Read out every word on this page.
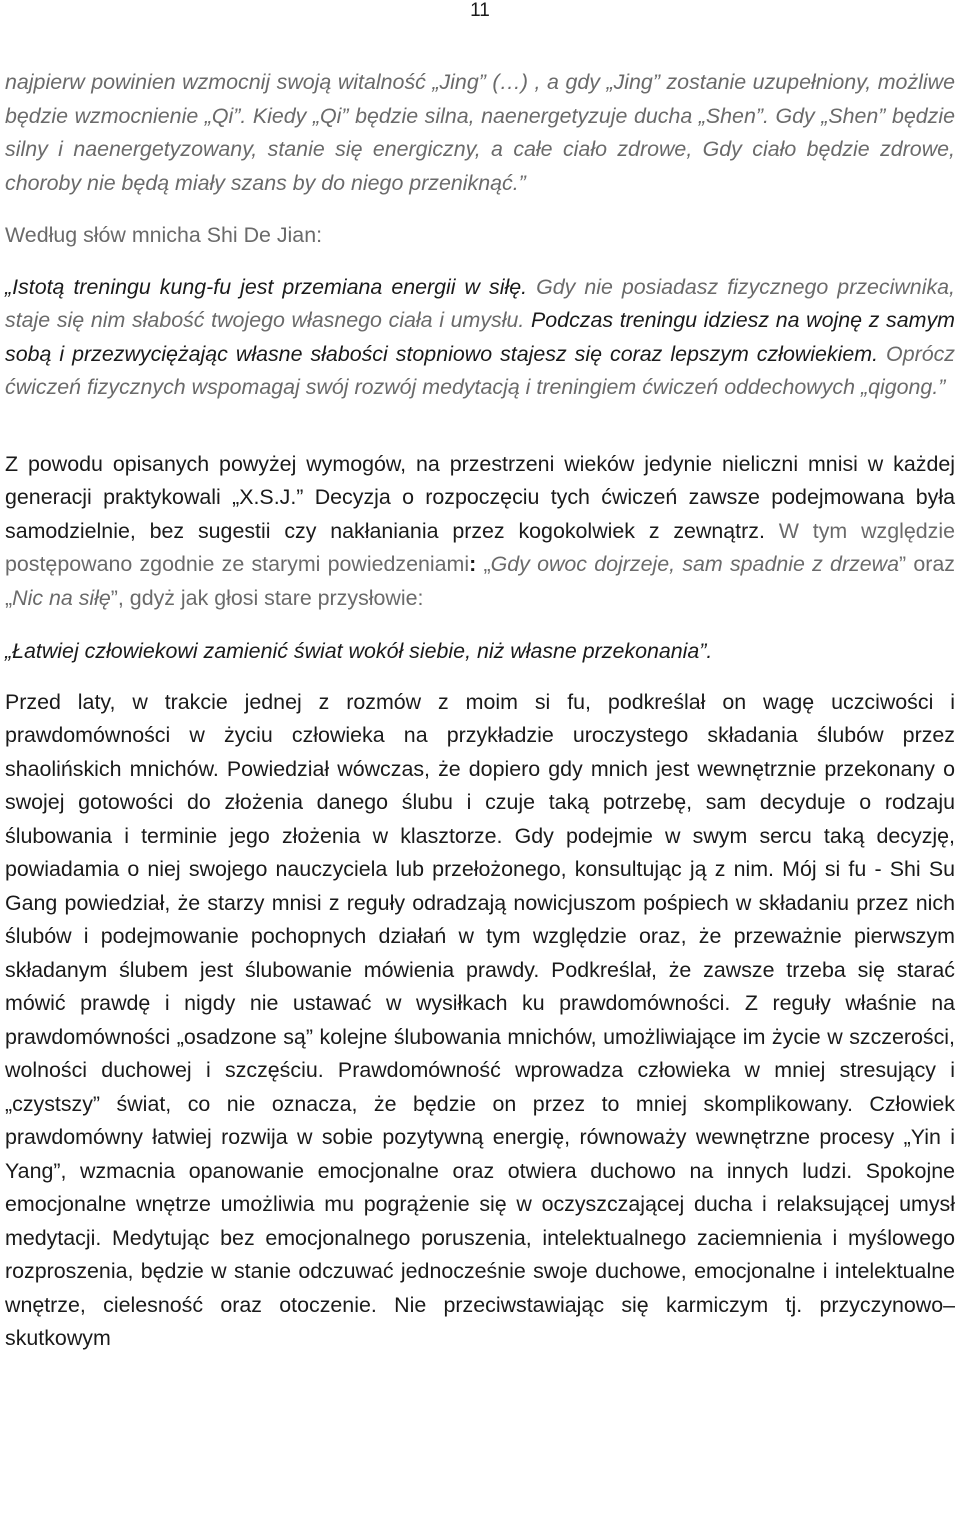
11

najpierw powinien wzmocnij swoją witalność „Jing” (…) , a gdy „Jing” zostanie uzupełniony, możliwe będzie wzmocnienie „Qi”. Kiedy „Qi” będzie silna, naenergetyzuje ducha „Shen”. Gdy „Shen” będzie silny i naenergetyzowany, stanie się energiczny, a całe ciało zdrowe, Gdy ciało będzie zdrowe, choroby nie będą miały szans by do niego przeniknąć.”

Według słów mnicha Shi De Jian:

„Istotą treningu kung-fu jest przemiana energii w siłę. Gdy nie posiadasz fizycznego przeciwnika, staje się nim słabość twojego własnego ciała i umysłu. Podczas treningu idziesz na wojnę z samym sobą i przezwyciężając własne słabości stopniowo stajesz się coraz lepszym człowiekiem. Oprócz ćwiczeń fizycznych wspomagaj swój rozwój medytacją i treningiem ćwiczeń oddechowych „qigong.”

Z powodu opisanych powyżej wymogów, na przestrzeni wieków jedynie nieliczni mnisi w każdej generacji praktykowali „X.S.J.” Decyzja o rozpoczęciu tych ćwiczeń zawsze podejmowana była samodzielnie, bez sugestii czy nakłaniania przez kogokolwiek z zewnątrz. W tym względzie postępowano zgodnie ze starymi powiedzeniami: „Gdy owoc dojrzeje, sam spadnie z drzewa” oraz „Nic na siłę”, gdyż jak głosi stare przysłowie:

„Łatwiej człowiekowi zamienić świat wokół siebie, niż własne przekonania”.

Przed laty, w trakcie jednej z rozmów z moim si fu, podkreślał on wagę uczciwości i prawdomówności w życiu człowieka na przykładzie uroczystego składania ślubów przez shaolińskich mnichów. Powiedział wówczas, że dopiero gdy mnich jest wewnętrznie przekonany o swojej gotowości do złożenia danego ślubu i czuje taką potrzebę, sam decyduje o rodzaju ślubowania i terminie jego złożenia w klasztorze. Gdy podejmie w swym sercu taką decyzję, powiadamia o niej swojego nauczyciela lub przełożonego, konsultując ją z nim. Mój si fu - Shi Su Gang powiedział, że starzy mnisi z reguły odradzają nowicjuszom pośpiech w składaniu przez nich ślubów i podejmowanie pochopnych działań w tym względzie oraz, że przeważnie pierwszym składanym ślubem jest ślubowanie mówienia prawdy. Podkreślał, że zawsze trzeba się starać mówić prawdę i nigdy nie ustawać w wysiłkach ku prawdomówności. Z reguły właśnie na prawdomówności „osadzone są” kolejne ślubowania mnichów, umożliwiające im życie w szczerości, wolności duchowej i szczęściu. Prawdomówność wprowadza człowieka w mniej stresujący i „czystszy” świat, co nie oznacza, że będzie on przez to mniej skomplikowany. Człowiek prawdomówny łatwiej rozwija w sobie pozytywną energię, równoważy wewnętrzne procesy „Yin i Yang”, wzmacnia opanowanie emocjonalne oraz otwiera duchowo na innych ludzi. Spokojne emocjonalne wnętrze umożliwia mu pogrążenie się w oczyszczającej ducha i relaksującej umysł medytacji. Medytując bez emocjonalnego poruszenia, intelektualnego zaciemnienia i myślowego rozproszenia, będzie w stanie odczuwać jednocześnie swoje duchowe, emocjonalne i intelektualne wnętrze, cielesność oraz otoczenie. Nie przeciwstawiając się karmiczym tj. przyczynowo–skutkowym
